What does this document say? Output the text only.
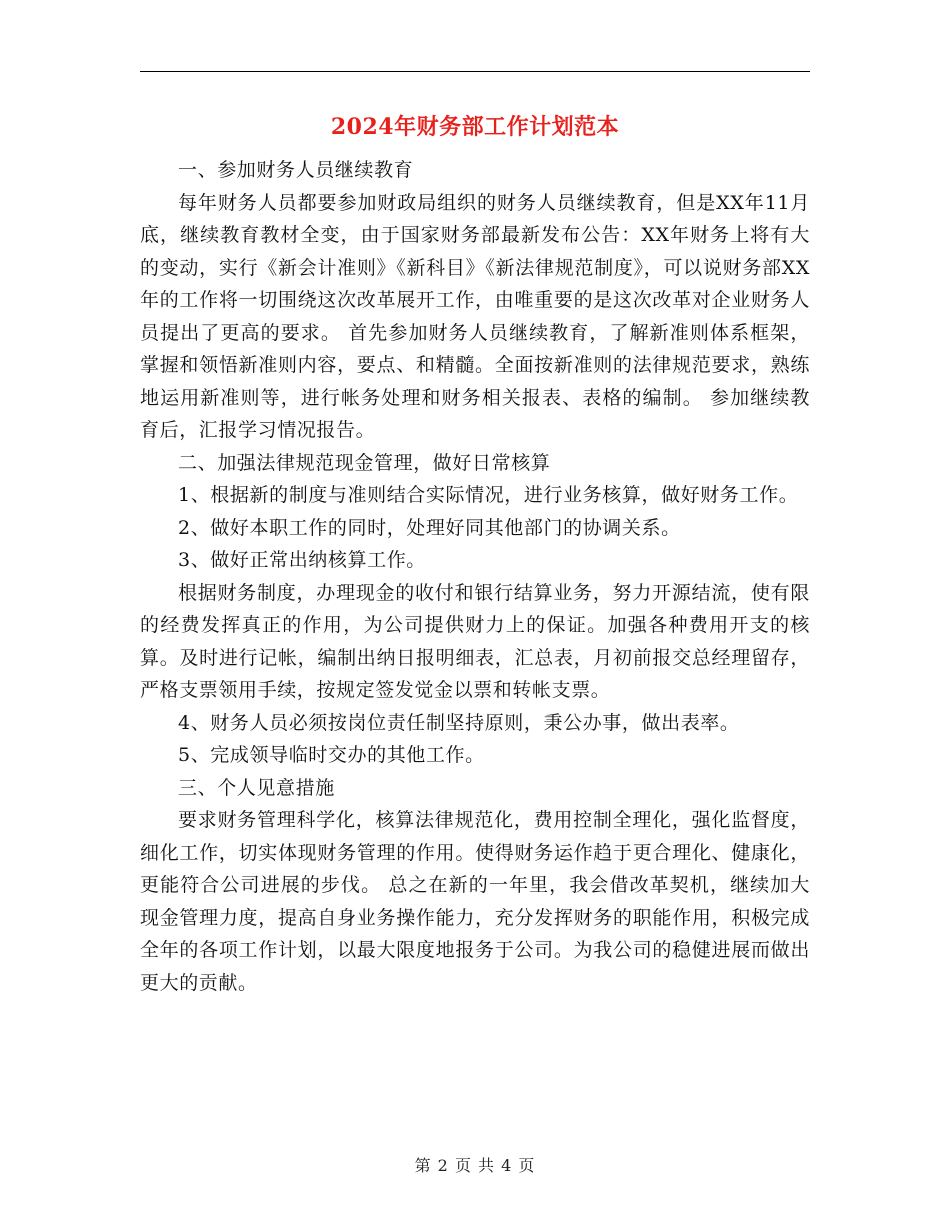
2024年财务部工作计划范本

一、参加财务人员继续教育

每年财务人员都要参加财政局组织的财务人员继续教育，但是XX年11月底，继续教育教材全变，由于国家财务部最新发布公告：XX年财务上将有大的变动，实行《新会计准则》《新科目》《新法律规范制度》，可以说财务部XX年的工作将一切围绕这次改革展开工作，由唯重要的是这次改革对企业财务人员提出了更高的要求。 首先参加财务人员继续教育，了解新准则体系框架，掌握和领悟新准则内容，要点、和精髓。全面按新准则的法律规范要求，熟练地运用新准则等，进行帐务处理和财务相关报表、表格的编制。 参加继续教育后，汇报学习情况报告。

二、加强法律规范现金管理，做好日常核算

1、根据新的制度与准则结合实际情况，进行业务核算，做好财务工作。

2、做好本职工作的同时，处理好同其他部门的协调关系。

3、做好正常出纳核算工作。

根据财务制度，办理现金的收付和银行结算业务，努力开源结流，使有限的经费发挥真正的作用，为公司提供财力上的保证。加强各种费用开支的核算。及时进行记帐，编制出纳日报明细表，汇总表，月初前报交总经理留存，严格支票领用手续，按规定签发觉金以票和转帐支票。

4、财务人员必须按岗位责任制坚持原则，秉公办事，做出表率。

5、完成领导临时交办的其他工作。

三、个人见意措施

要求财务管理科学化，核算法律规范化，费用控制全理化，强化监督度，细化工作，切实体现财务管理的作用。使得财务运作趋于更合理化、健康化，更能符合公司进展的步伐。 总之在新的一年里，我会借改革契机，继续加大现金管理力度，提高自身业务操作能力，充分发挥财务的职能作用，积极完成全年的各项工作计划，以最大限度地报务于公司。为我公司的稳健进展而做出更大的贡献。

第 2 页 共 4 页
